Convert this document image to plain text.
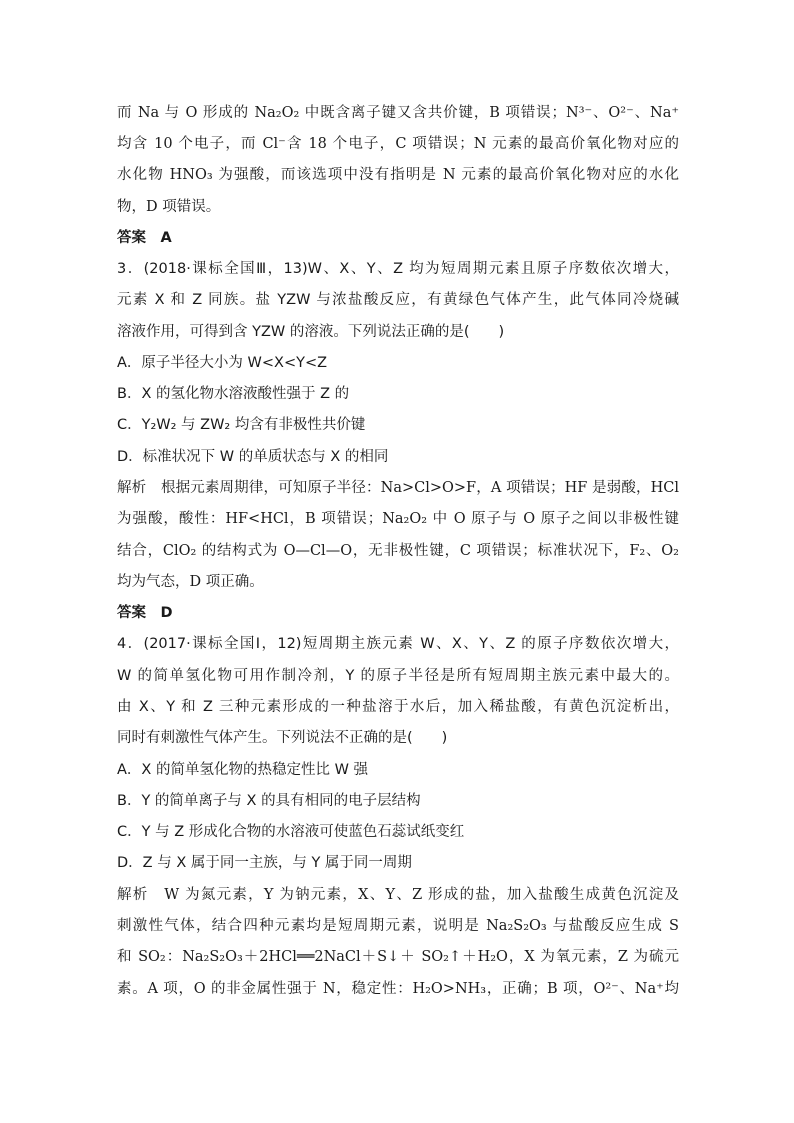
而 Na 与 O 形成的 Na₂O₂ 中既含离子键又含共价键，B 项错误；N³⁻、O²⁻、Na⁺
均含 10 个电子，而 Cl⁻含 18 个电子，C 项错误；N 元素的最高价氧化物对应的
水化物 HNO₃ 为强酸，而该选项中没有指明是 N 元素的最高价氧化物对应的水化
物，D 项错误。
答案　A
3．(2018·课标全国Ⅲ，13)W、X、Y、Z 均为短周期元素且原子序数依次增大，
元素 X 和 Z 同族。盐 YZW 与浓盐酸反应，有黄绿色气体产生，此气体同冷烧碱
溶液作用，可得到含 YZW 的溶液。下列说法正确的是(　　)
A．原子半径大小为 W<X<Y<Z
B．X 的氢化物水溶液酸性强于 Z 的
C．Y₂W₂ 与 ZW₂ 均含有非极性共价键
D．标准状况下 W 的单质状态与 X 的相同
解析　根据元素周期律，可知原子半径：Na>Cl>O>F，A 项错误；HF 是弱酸，HCl
为强酸，酸性：HF<HCl，B 项错误；Na₂O₂ 中 O 原子与 O 原子之间以非极性键
结合，ClO₂ 的结构式为 O—Cl—O，无非极性键，C 项错误；标准状况下，F₂、O₂
均为气态，D 项正确。
答案　D
4．(2017·课标全国Ⅰ，12)短周期主族元素 W、X、Y、Z 的原子序数依次增大，
W 的简单氢化物可用作制冷剂，Y 的原子半径是所有短周期主族元素中最大的。
由 X、Y 和 Z 三种元素形成的一种盐溶于水后，加入稀盐酸，有黄色沉淀析出，
同时有刺激性气体产生。下列说法不正确的是(　　)
A．X 的简单氢化物的热稳定性比 W 强
B．Y 的简单离子与 X 的具有相同的电子层结构
C．Y 与 Z 形成化合物的水溶液可使蓝色石蕊试纸变红
D．Z 与 X 属于同一主族，与 Y 属于同一周期
解析　W 为氮元素，Y 为钠元素，X、Y、Z 形成的盐，加入盐酸生成黄色沉淀及
刺激性气体，结合四种元素均是短周期元素，说明是 Na₂S₂O₃ 与盐酸反应生成 S
和 SO₂：Na₂S₂O₃＋2HCl══2NaCl＋S↓＋ SO₂↑＋H₂O，X 为氧元素，Z 为硫元
素。A 项，O 的非金属性强于 N，稳定性：H₂O>NH₃，正确；B 项，O²⁻、Na⁺均
